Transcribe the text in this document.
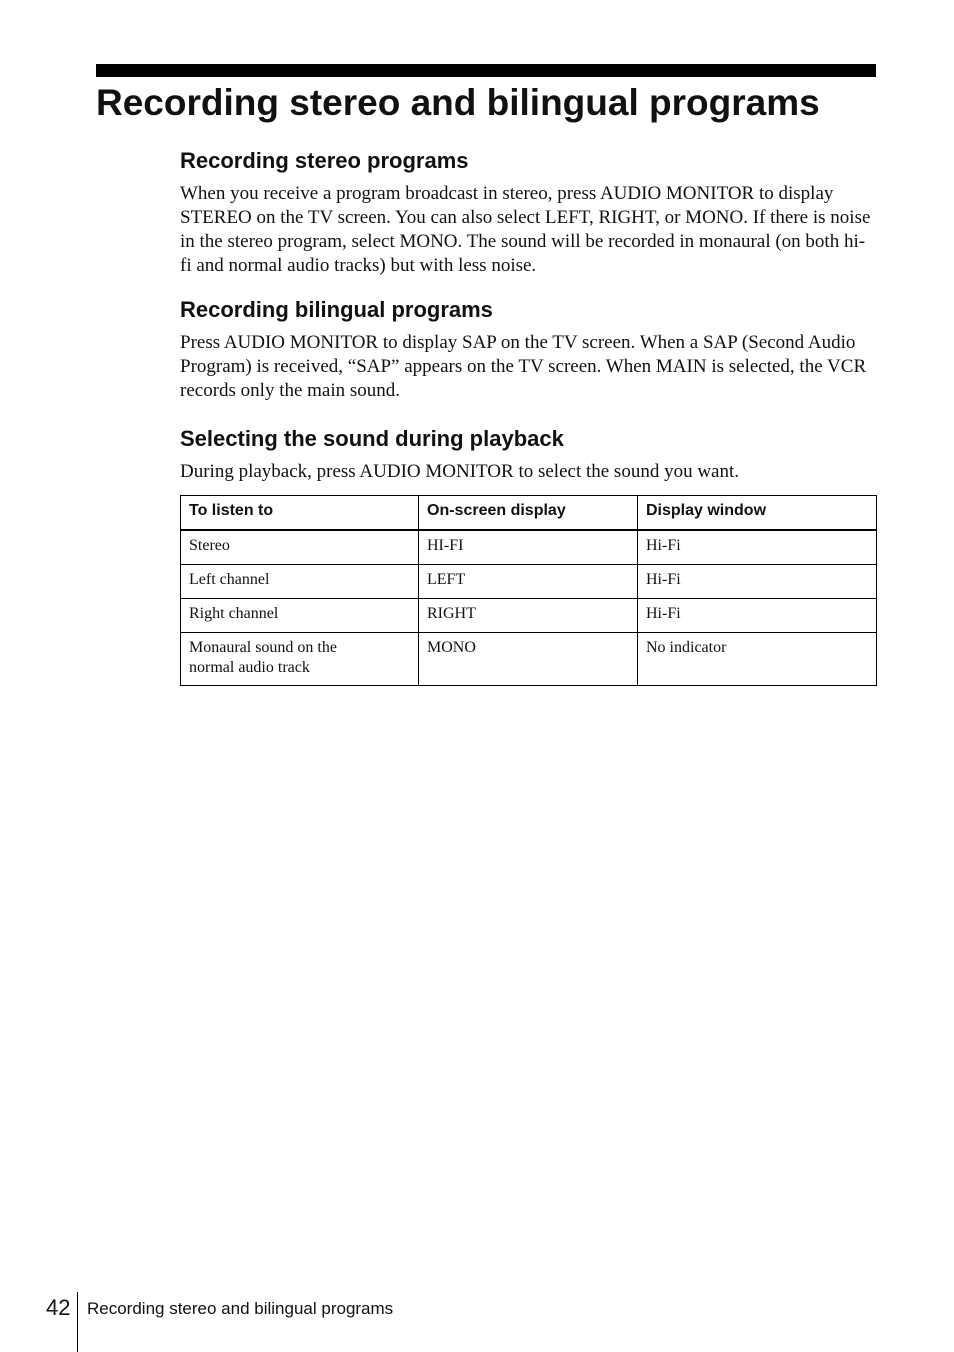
Recording stereo and bilingual programs
Recording stereo programs

When you receive a program broadcast in stereo, press AUDIO MONITOR to display STEREO on the TV screen. You can also select LEFT, RIGHT, or MONO. If there is noise in the stereo program, select MONO. The sound will be recorded in monaural (on both hi-fi and normal audio tracks) but with less noise.

Recording bilingual programs

Press AUDIO MONITOR to display SAP on the TV screen. When a SAP (Second Audio Program) is received, “SAP” appears on the TV screen. When MAIN is selected, the VCR records only the main sound.

Selecting the sound during playback

During playback, press AUDIO MONITOR to select the sound you want.

To listen to	On-screen display	Display window
Stereo	HI-FI	Hi-Fi
Left channel	LEFT	Hi-Fi
Right channel	RIGHT	Hi-Fi
Monaural sound on the normal audio track	MONO	No indicator
42 Recording stereo and bilingual programs
